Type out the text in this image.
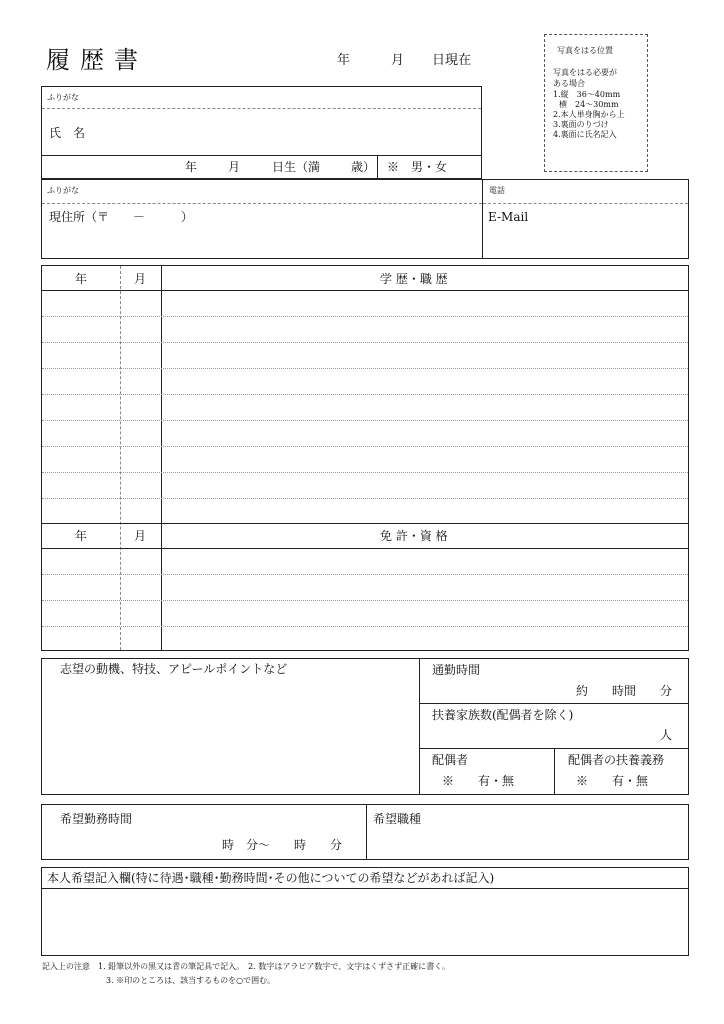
履歴書	年	月 日現在
写真をはる位置
写真をはる必要が
ある場合
1.縦　36～40mm
横　24～30mm
2.本人単身胸から上
3.裏面のりづけ
4.裏面に氏名記入
ふりがな
氏　名
年	月	日生（満	歳） ※　男・女
ふりがな
現住所（〒　　－　　　）
電話
E-Mail
年	月	学 歴・職 歴
年	月	免 許・資 格
志望の動機、特技、アピールポイントなど	通勤時間
約　　時間　　分
扶養家族数(配偶者を除く)
人
配偶者
※　　有・無
配偶者の扶養義務
※　　有・無
希望勤務時間
時　分～　　時　　分
希望職種
本人希望記入欄(特に待遇･職種･勤務時間･その他についての希望などがあれば記入)
記入上の注意　1. 鉛筆以外の黒又は青の筆記具で記入。　2. 数字はアラビア数字で、文字はくずさず正確に書く。
3. ※印のところは、該当するものを○で囲む。
